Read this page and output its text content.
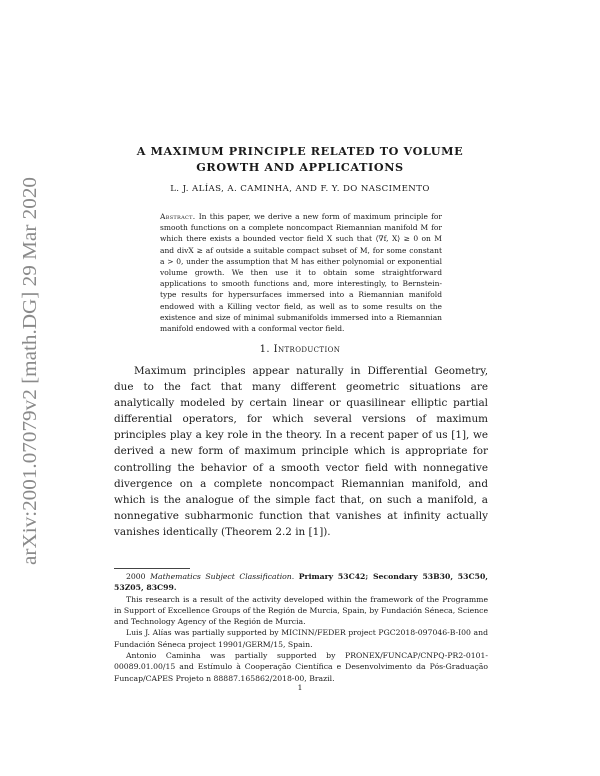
arXiv:2001.07079v2 [math.DG] 29 Mar 2020
A MAXIMUM PRINCIPLE RELATED TO VOLUME
GROWTH AND APPLICATIONS
L. J. ALÍAS, A. CAMINHA, AND F. Y. DO NASCIMENTO
Abstract. In this paper, we derive a new form of maximum principle for smooth functions on a complete noncompact Riemannian manifold M for which there exists a bounded vector field X such that ⟨∇f, X⟩ ≥ 0 on M and divX ≥ af outside a suitable compact subset of M, for some constant a > 0, under the assumption that M has either polynomial or exponential volume growth. We then use it to obtain some straightforward applications to smooth functions and, more interestingly, to Bernstein-type results for hypersurfaces immersed into a Riemannian manifold endowed with a Killing vector field, as well as to some results on the existence and size of minimal submanifolds immersed into a Riemannian manifold endowed with a conformal vector field.
1. Introduction

Maximum principles appear naturally in Differential Geometry, due to the fact that many different geometric situations are analytically modeled by certain linear or quasilinear elliptic partial differential operators, for which several versions of maximum principles play a key role in the theory. In a recent paper of us [1], we derived a new form of maximum principle which is appropriate for controlling the behavior of a smooth vector field with nonnegative divergence on a complete noncompact Riemannian manifold, and which is the analogue of the simple fact that, on such a manifold, a nonnegative subharmonic function that vanishes at infinity actually vanishes identically (Theorem 2.2 in [1]).

2000 Mathematics Subject Classification. Primary 53C42; Secondary 53B30, 53C50, 53Z05, 83C99.

This research is a result of the activity developed within the framework of the Programme in Support of Excellence Groups of the Región de Murcia, Spain, by Fundación Séneca, Science and Technology Agency of the Región de Murcia.

Luis J. Alías was partially supported by MICINN/FEDER project PGC2018-097046-B-I00 and Fundación Séneca project 19901/GERM/15, Spain.

Antonio Caminha was partially supported by PRONEX/FUNCAP/CNPQ-PR2-0101-00089.01.00/15 and Estímulo à Cooperação Científica e Desenvolvimento da Pós-Graduação Funcap/CAPES Projeto n 88887.165862/2018-00, Brazil.

1
